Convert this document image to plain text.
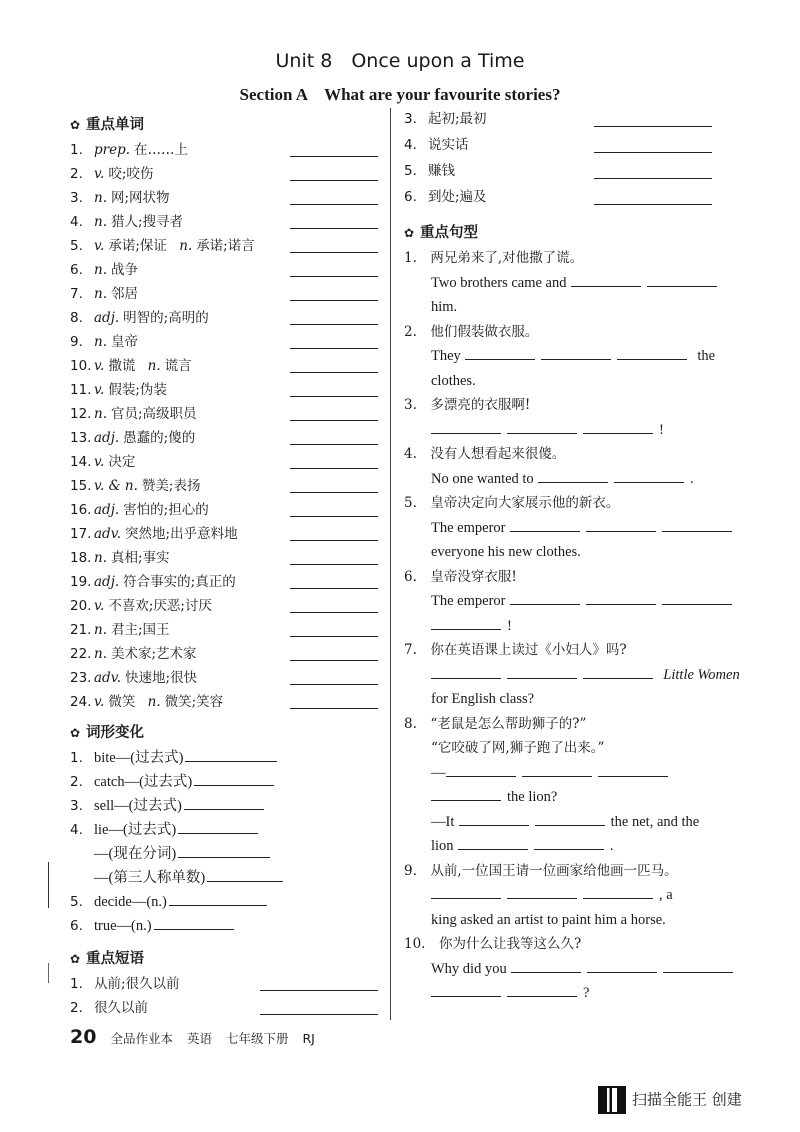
Unit 8　Once upon a Time
Section A　What are your favourite stories?
✿ 重点单词
1. prep. 在……上
2. v. 咬;咬伤
3. n. 网;网状物
4. n. 猎人;搜寻者
5. v. 承诺;保证 n. 承诺;诺言
6. n. 战争
7. n. 邻居
8. adj. 明智的;高明的
9. n. 皇帝
10. v. 撒谎 n. 谎言
11. v. 假装;伪装
12. n. 官员;高级职员
13. adj. 愚蠢的;傻的
14. v. 决定
15. v. & n. 赞美;表扬
16. adj. 害怕的;担心的
17. adv. 突然地;出乎意料地
18. n. 真相;事实
19. adj. 符合事实的;真正的
20. v. 不喜欢;厌恶;讨厌
21. n. 君主;国王
22. n. 美术家;艺术家
23. adv. 快速地;很快
24. v. 微笑 n. 微笑;笑容
✿ 词形变化
1. bite—(过去式)
2. catch—(过去式)
3. sell—(过去式)
4. lie—(过去式)
—(现在分词)
—(第三人称单数)
5. decide—(n.)
6. true—(n.)
✿ 重点短语
1. 从前;很久以前
2. 很久以前
3. 起初;最初
4. 说实话
5. 赚钱
6. 到处;遍及
✿ 重点句型
1.　两兄弟来了,对他撒了谎。
Two brothers came and
him.
2.　他们假装做衣服。
They	the
clothes.
3.　多漂亮的衣服啊!
!
4.　没有人想看起来很傻。
No one wanted to	.
5.　皇帝决定向大家展示他的新衣。
The emperor
everyone his new clothes.
6.　皇帝没穿衣服!
The emperor
!
7.　你在英语课上读过《小妇人》吗?
Little Women
for English class?
8.　“老鼠是怎么帮助狮子的?”
“它咬破了网,狮子跑了出来。”
—
the lion?
—It	the net, and the
lion	.
9.　从前,一位国王请一位画家给他画一匹马。
, a
king asked an artist to paint him a horse.
10.　你为什么让我等这么久?
Why did you
?
20 全品作业本 英语 七年级下册 RJ
扫描全能王 创建
